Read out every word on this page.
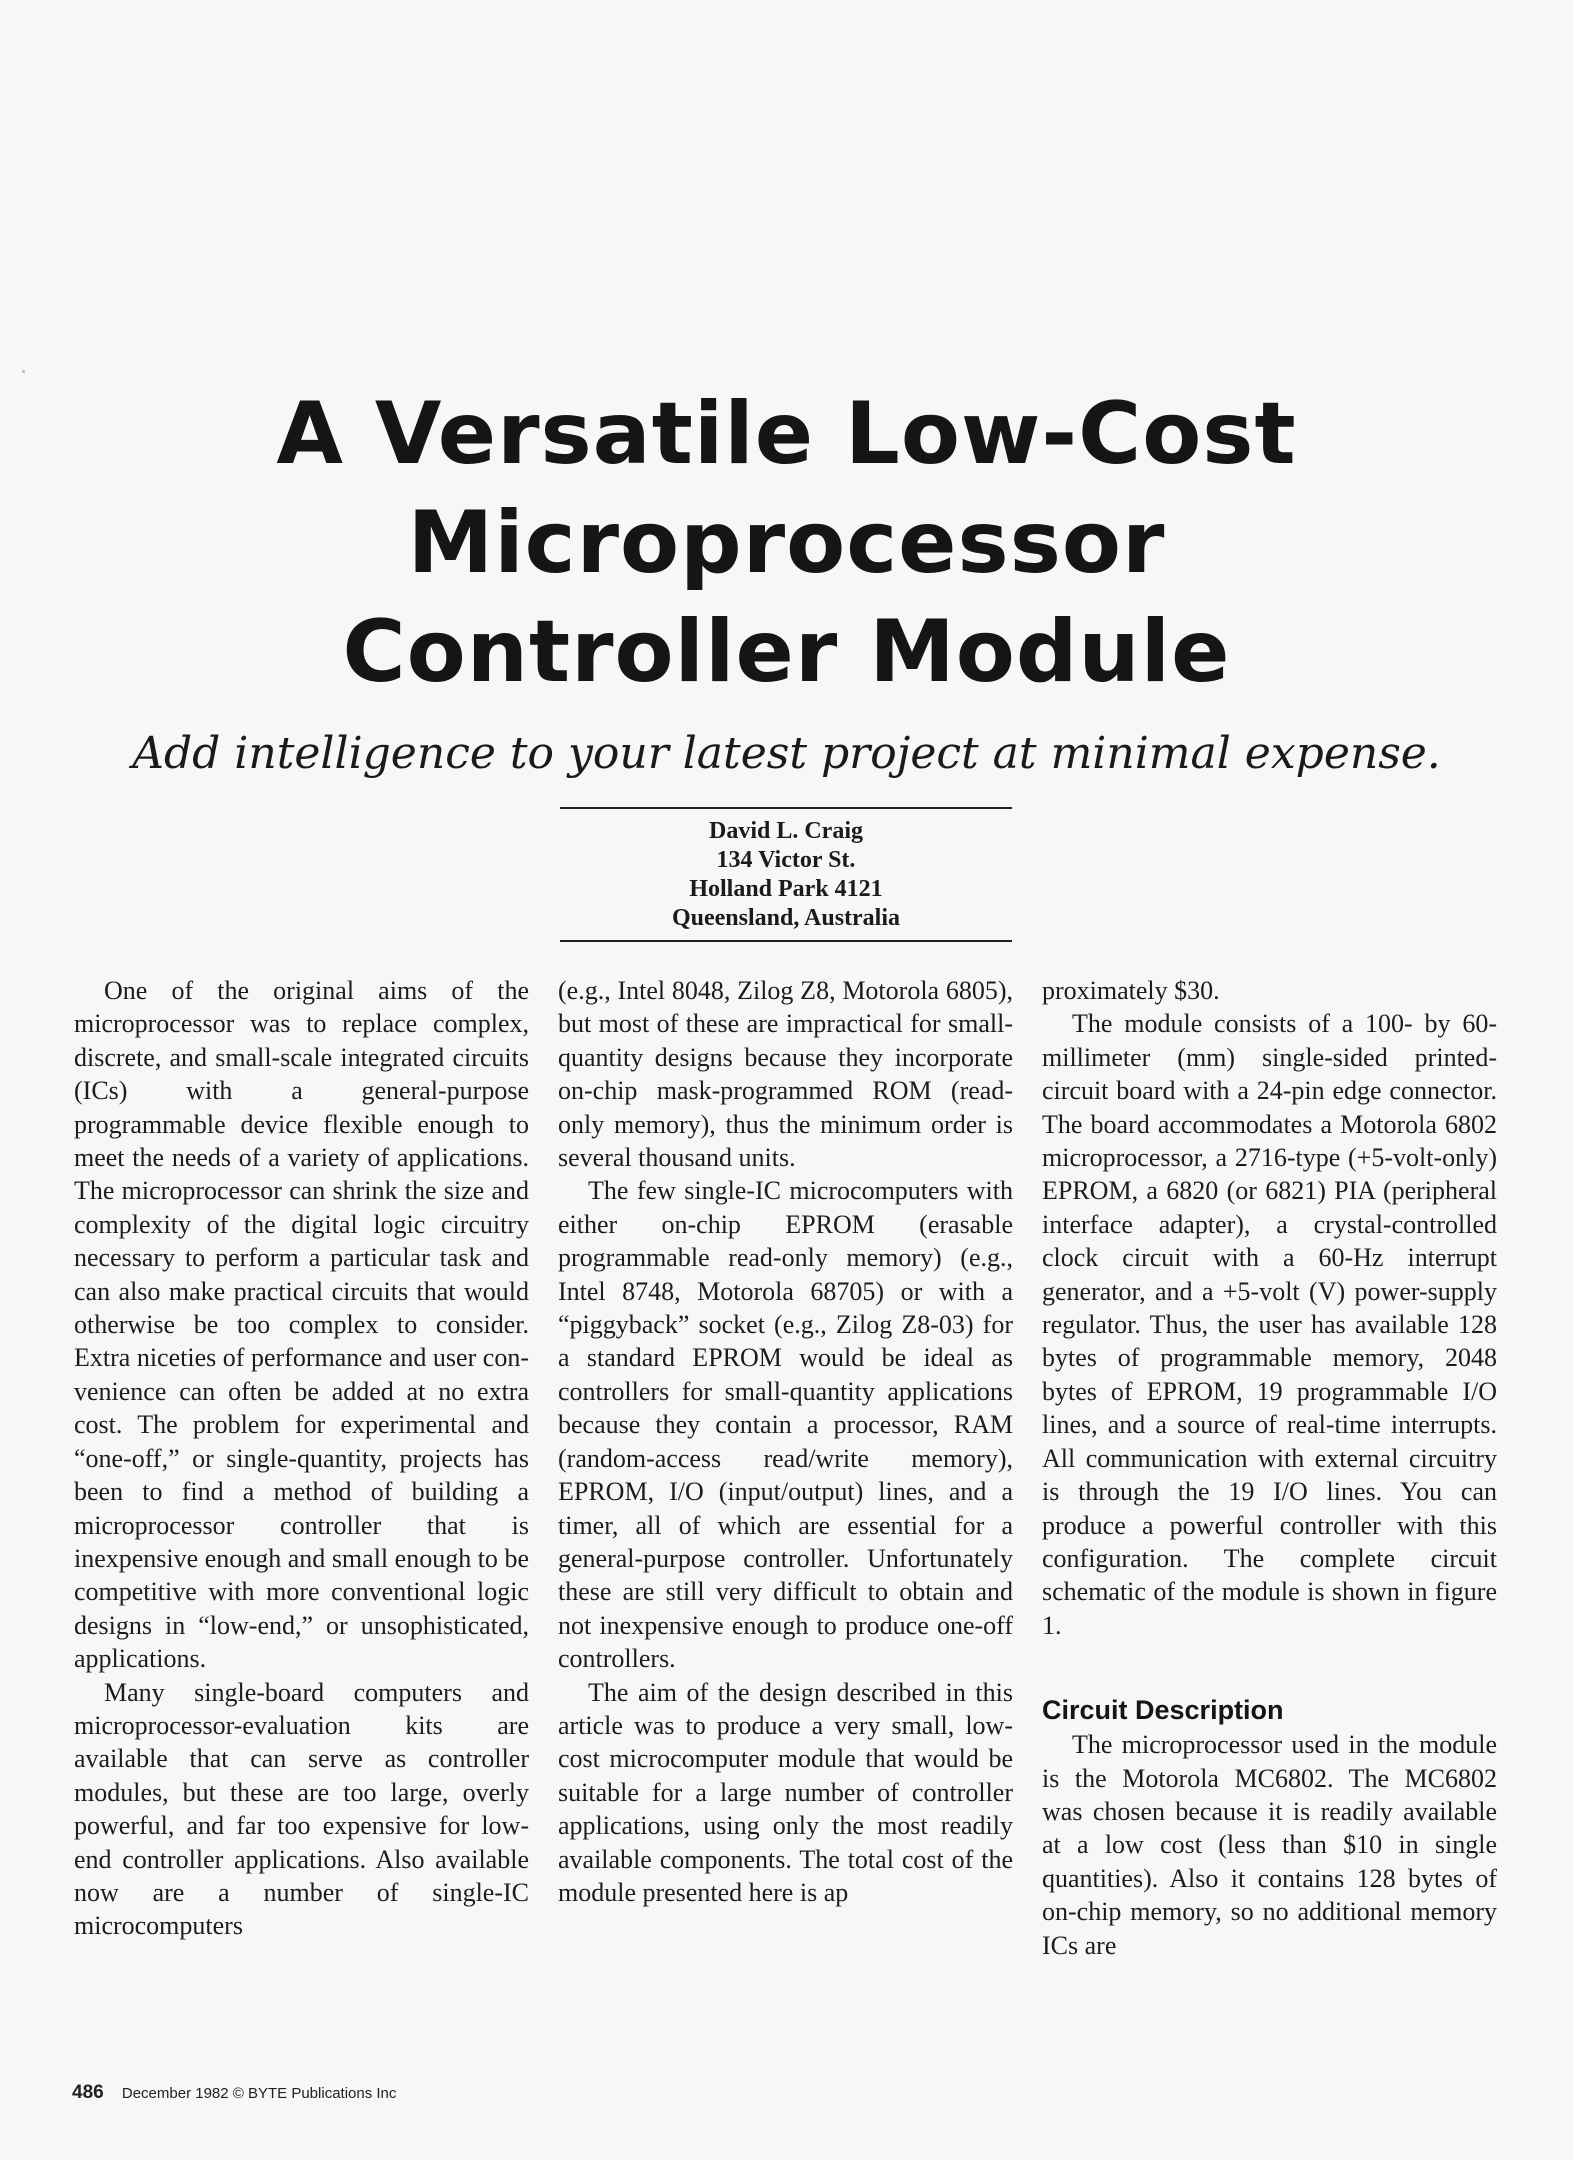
A Versatile Low-Cost
Microprocessor
Controller Module

Add intelligence to your latest project at minimal expense.

David L. Craig
134 Victor St.
Holland Park 4121
Queensland, Australia

One of the original aims of the microprocessor was to replace complex, discrete, and small-scale integrated circuits (ICs) with a general-purpose programmable device flexible enough to meet the needs of a variety of applications. The microprocessor can shrink the size and complexity of the digital logic circuitry necessary to perform a particular task and can also make practical circuits that would otherwise be too complex to consider. Extra niceties of performance and user convenience can often be added at no extra cost. The problem for experimental and “one-off,” or single-quantity, projects has been to find a method of building a microprocessor controller that is inexpensive enough and small enough to be competitive with more conventional logic designs in “low-end,” or unsophisticated, applications.

Many single-board computers and microprocessor-evaluation kits are available that can serve as controller modules, but these are too large, overly powerful, and far too expensive for low-end controller applications. Also available now are a number of single-IC microcomputers

(e.g., Intel 8048, Zilog Z8, Motorola 6805), but most of these are impractical for small-quantity designs because they incorporate on-chip mask-programmed ROM (read-only memory), thus the minimum order is several thousand units.

The few single-IC microcomputers with either on-chip EPROM (erasable programmable read-only memory) (e.g., Intel 8748, Motorola 68705) or with a “piggyback” socket (e.g., Zilog Z8-03) for a standard EPROM would be ideal as controllers for small-quantity applications because they contain a processor, RAM (random-access read/write memory), EPROM, I/O (input/output) lines, and a timer, all of which are essential for a general-purpose controller. Unfortunately these are still very difficult to obtain and not inexpensive enough to produce one-off controllers.

The aim of the design described in this article was to produce a very small, low-cost microcomputer module that would be suitable for a large number of controller applications, using only the most readily available components. The total cost of the module presented here is ap

proximately $30.

The module consists of a 100- by 60-millimeter (mm) single-sided printed-circuit board with a 24-pin edge connector. The board accommodates a Motorola 6802 microprocessor, a 2716-type (+5-volt-only) EPROM, a 6820 (or 6821) PIA (peripheral interface adapter), a crystal-controlled clock circuit with a 60-Hz interrupt generator, and a +5-volt (V) power-supply regulator. Thus, the user has available 128 bytes of programmable memory, 2048 bytes of EPROM, 19 programmable I/O lines, and a source of real-time interrupts. All communication with external circuitry is through the 19 I/O lines. You can produce a powerful controller with this configuration. The complete circuit schematic of the module is shown in figure 1.

Circuit Description

The microprocessor used in the module is the Motorola MC6802. The MC6802 was chosen because it is readily available at a low cost (less than $10 in single quantities). Also it contains 128 bytes of on-chip memory, so no additional memory ICs are

486 December 1982 © BYTE Publications Inc
